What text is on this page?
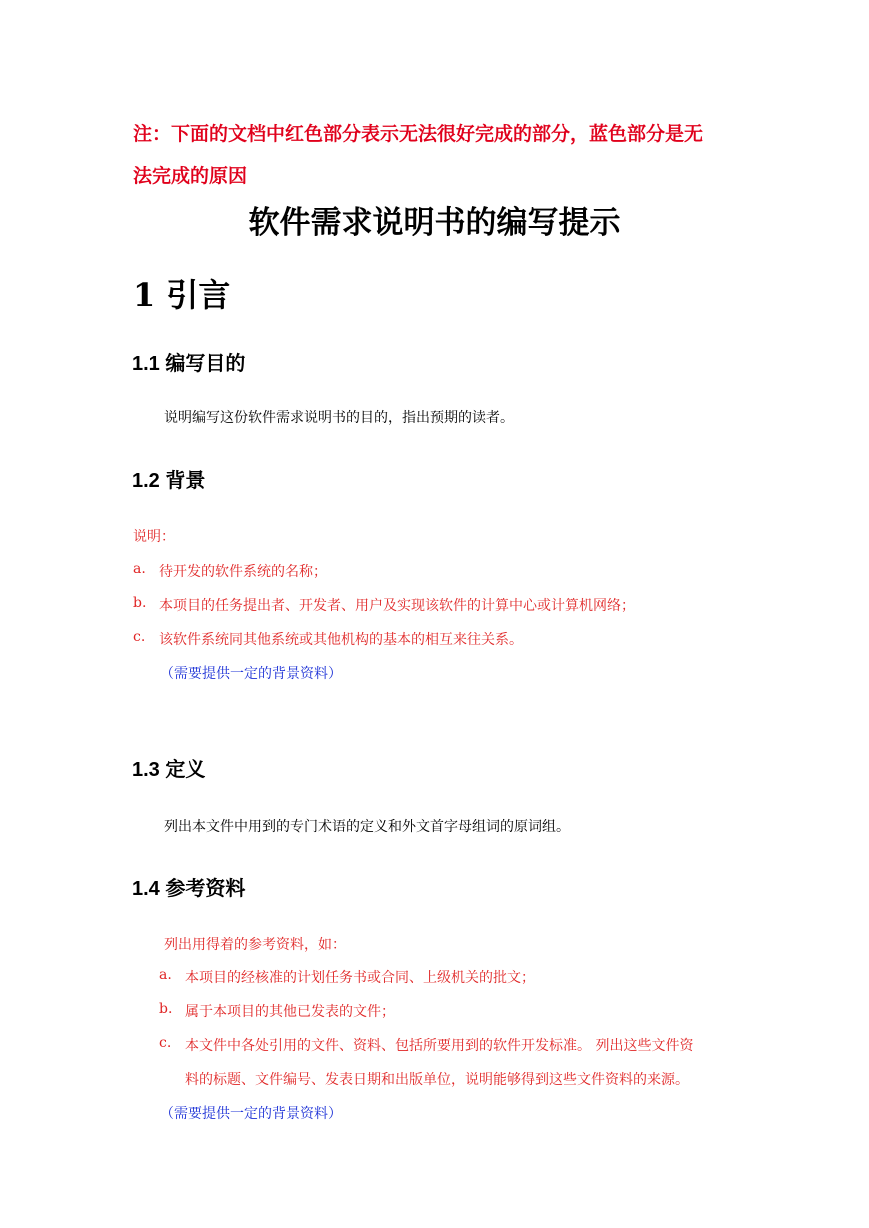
注：下面的文档中红色部分表示无法很好完成的部分，蓝色部分是无
法完成的原因
软件需求说明书的编写提示
1 引言
1.1 编写目的
说明编写这份软件需求说明书的目的，指出预期的读者。
1.2 背景
说明：
a. 待开发的软件系统的名称；
b. 本项目的任务提出者、开发者、用户及实现该软件的计算中心或计算机网络；
c. 该软件系统同其他系统或其他机构的基本的相互来往关系。
（需要提供一定的背景资料）
1.3 定义
列出本文件中用到的专门术语的定义和外文首字母组词的原词组。
1.4 参考资料
列出用得着的参考资料，如：
a. 本项目的经核准的计划任务书或合同、上级机关的批文；
b. 属于本项目的其他已发表的文件；
c. 本文件中各处引用的文件、资料、包括所要用到的软件开发标准。 列出这些文件资
料的标题、文件编号、发表日期和出版单位，说明能够得到这些文件资料的来源。
（需要提供一定的背景资料）
